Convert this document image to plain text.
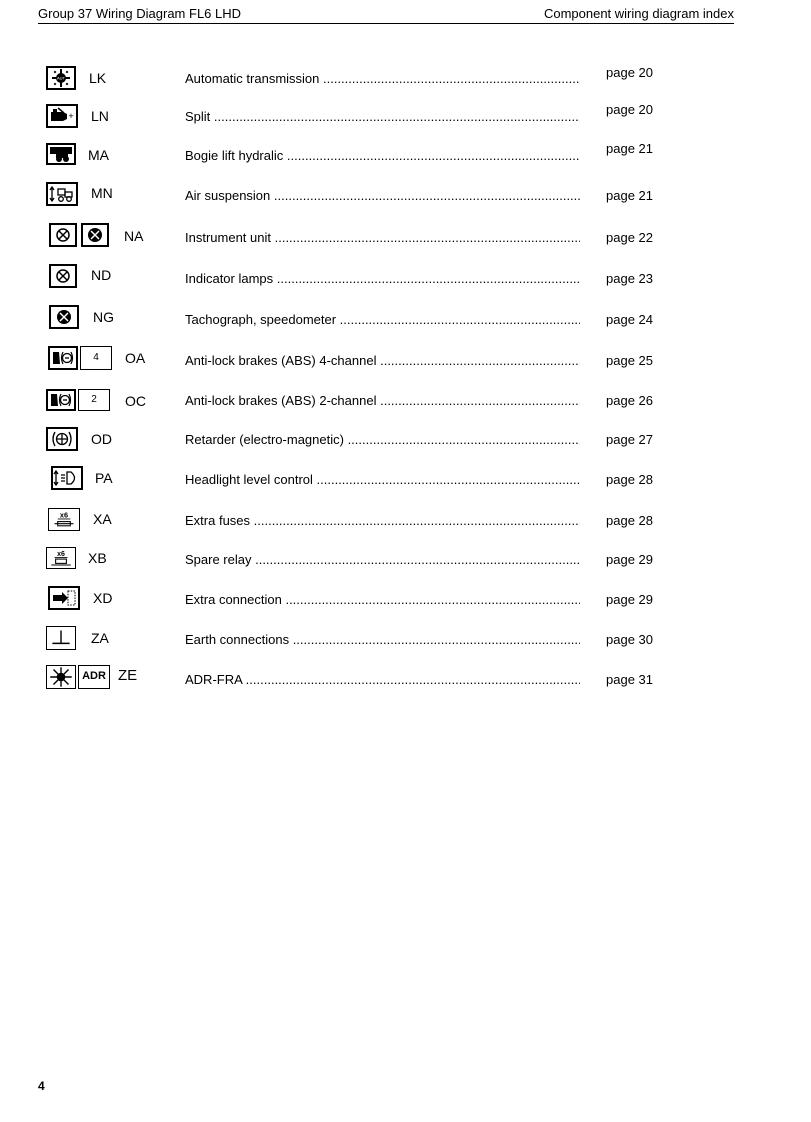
Group 37 Wiring Diagram FL6 LHD	Component wiring diagram index
AUT LK	Automatic transmission .....	page 20
+ LN	Split .....	page 20
MA	Bogie lift hydralic .....	page 21
MN	Air suspension .....	page 21
NA	Instrument unit .....	page 22
ND	Indicator lamps .....	page 23
NG	Tachograph, speedometer .....	page 24
4	OA	Anti-lock brakes (ABS) 4-channel .....	page 25
2	OC	Anti-lock brakes (ABS) 2-channel .....	page 26
OD	Retarder (electro-magnetic) .....	page 27
PA	Headlight level control .....	page 28
x6 XA	Extra fuses .....	page 28
x6 XB	Spare relay .....	page 29
XD	Extra connection .....	page 29
ZA	Earth connections .....	page 30
ADR ZE	ADR-FRA .....	page 31
4
